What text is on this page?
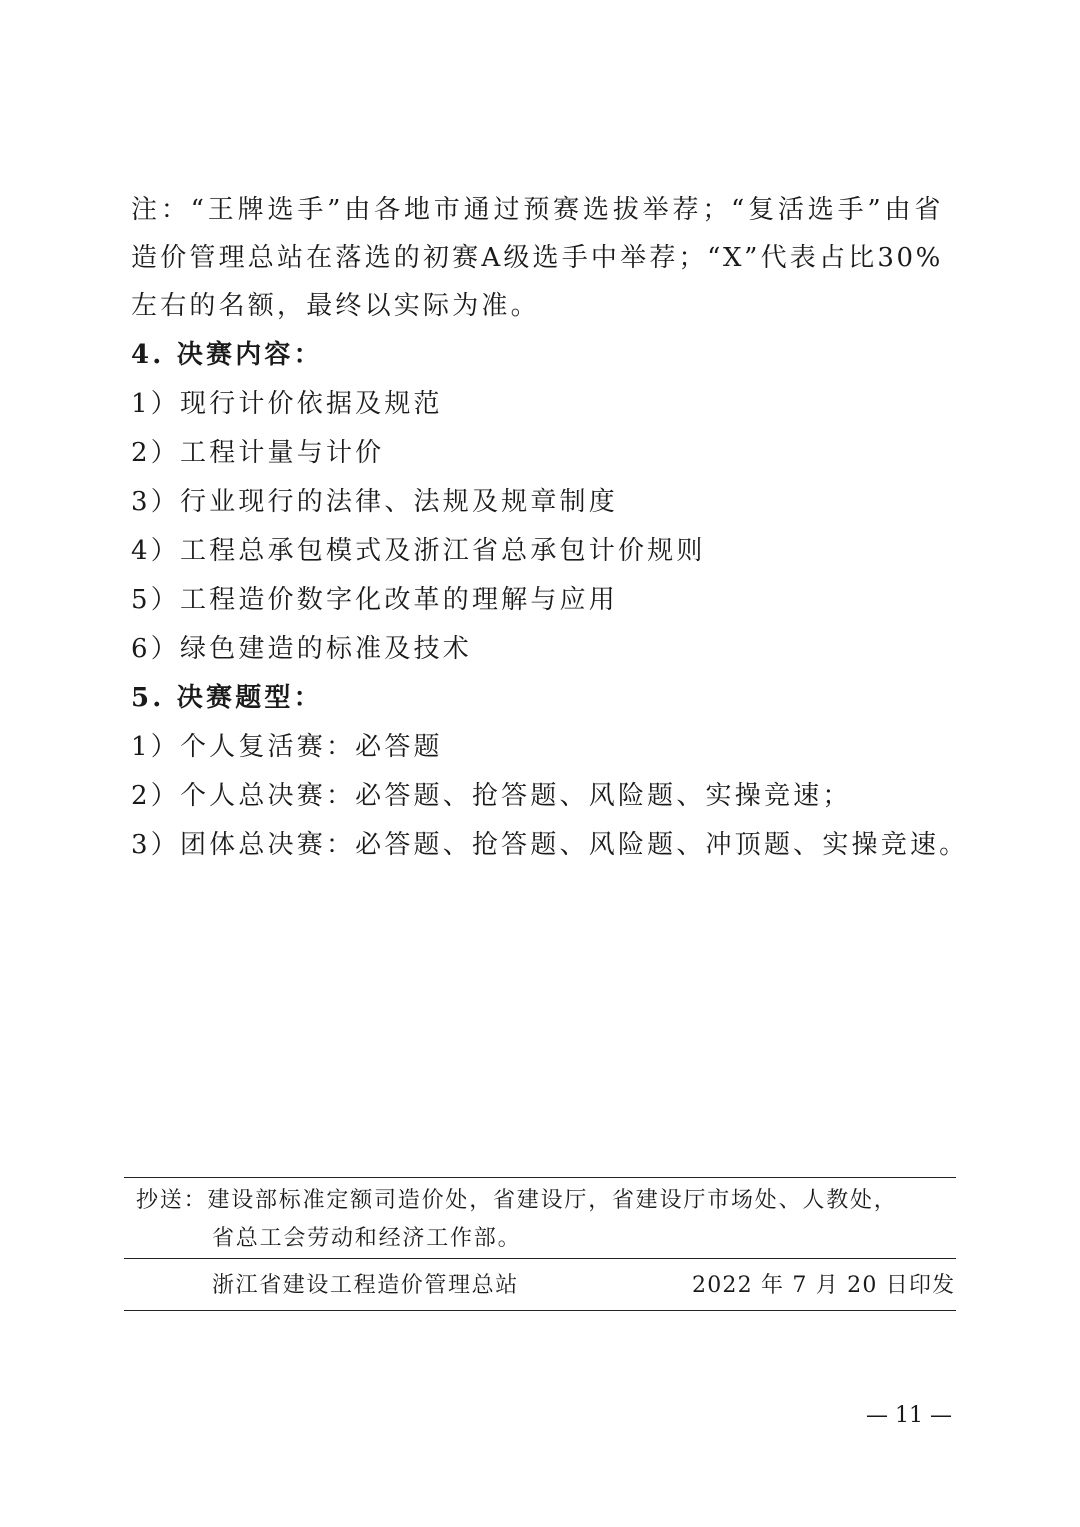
注：“王牌选手”由各地市通过预赛选拔举荐；“复活选手”由省
造价管理总站在落选的初赛A级选手中举荐；“X”代表占比30%
左右的名额，最终以实际为准。
4. 决赛内容：
1）现行计价依据及规范
2）工程计量与计价
3）行业现行的法律、法规及规章制度
4）工程总承包模式及浙江省总承包计价规则
5）工程造价数字化改革的理解与应用
6）绿色建造的标准及技术
5. 决赛题型：
1）个人复活赛：必答题
2）个人总决赛：必答题、抢答题、风险题、实操竞速；
3）团体总决赛：必答题、抢答题、风险题、冲顶题、实操竞速。
抄送：建设部标准定额司造价处，省建设厅，省建设厅市场处、人教处，
省总工会劳动和经济工作部。
浙江省建设工程造价管理总站	2022 年 7 月 20 日印发
— 11 —
